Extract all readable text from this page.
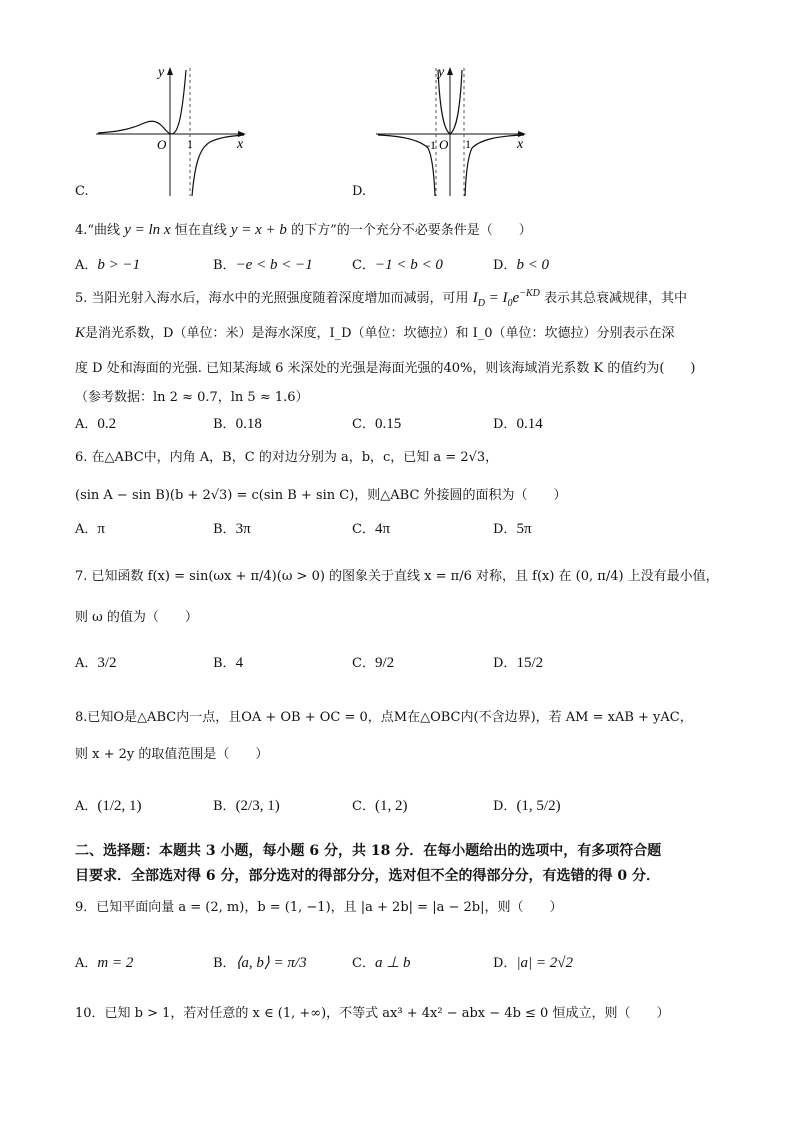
x
y
O 1
C.
x
y
-1 O 1
D.
4.“曲线 y = ln x 恒在直线 y = x + b 的下方”的一个充分不必要条件是（　　）
A．b > −1	B．−e < b < −1	C．−1 < b < 0	D．b < 0
5. 当阳光射入海水后，海水中的光照强度随着深度增加而减弱，可用 $I_D = I_0e^{-KD}$ 表示其总衰减规律，其中
K是消光系数，D（单位：米）是海水深度，I_D（单位：坎德拉）和 I_0（单位：坎德拉）分别表示在深
度 D 处和海面的光强. 已知某海域 6 米深处的光强是海面光强的40%，则该海域消光系数 K 的值约为(　　)
（参考数据：ln 2 ≈ 0.7，ln 5 ≈ 1.6）
A．0.2	B．0.18	C．0.15	D．0.14
6. 在△ABC中，内角 A，B，C 的对边分别为 a，b，c，已知 a = 2√3，
(sin A − sin B)(b + 2√3) = c(sin B + sin C)，则△ABC 外接圆的面积为（　　）
A．π	B．3π	C．4π	D．5π
7. 已知函数 f(x) = sin(ωx + π/4)(ω > 0) 的图象关于直线 x = π/6 对称，且 f(x) 在 (0, π/4) 上没有最小值，
则 ω 的值为（　　）
A．3/2	B．4	C．9/2	D．15/2
8.已知O是△ABC内一点，且OA + OB + OC = 0，点M在△OBC内(不含边界)，若 AM = xAB + yAC，
则 x + 2y 的取值范围是（　　）
A．(1/2, 1)	B．(2/3, 1)	C．(1, 2)	D．(1, 5/2)
二、选择题：本题共 3 小题，每小题 6 分，共 18 分．在每小题给出的选项中，有多项符合题
目要求．全部选对得 6 分，部分选对的得部分分，选对但不全的得部分分，有选错的得 0 分．
9．已知平面向量 a = (2, m)，b = (1, −1)，且 |a + 2b| = |a − 2b|，则（　　）
A．m = 2	B．⟨a, b⟩ = π/3	C．a ⊥ b	D．|a| = 2√2
10．已知 b > 1，若对任意的 x ∈ (1, +∞)，不等式 ax³ + 4x² − abx − 4b ≤ 0 恒成立，则（　　）
